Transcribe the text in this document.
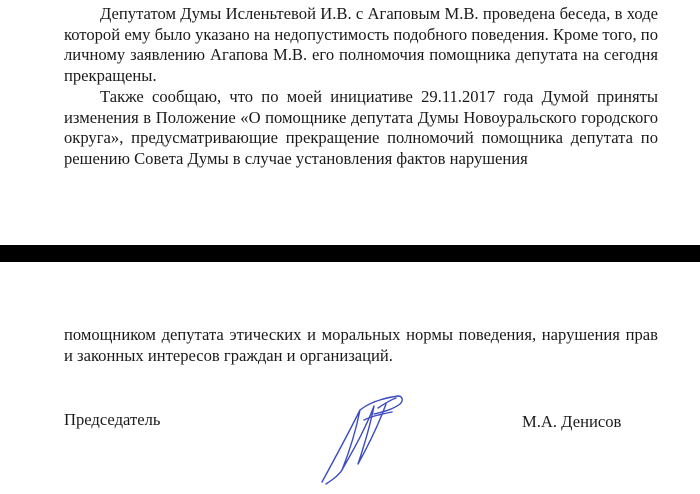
Депутатом Думы Исленьтевой И.В. с Агаповым М.В. проведена беседа, в ходе которой ему было указано на недопустимость подобного поведения. Кроме того, по личному заявлению Агапова М.В. его полномочия помощника депутата на сегодня прекращены.

Также сообщаю, что по моей инициативе 29.11.2017 года Думой приняты изменения в Положение «О помощнике депутата Думы Новоуральского городского округа», предусматривающие прекращение полномочий помощника депутата по решению Совета Думы в случае установления фактов нарушения

помощником депутата этических и моральных нормы поведения, нарушения прав и законных интересов граждан и организаций.

Председатель	М.А. Денисов
